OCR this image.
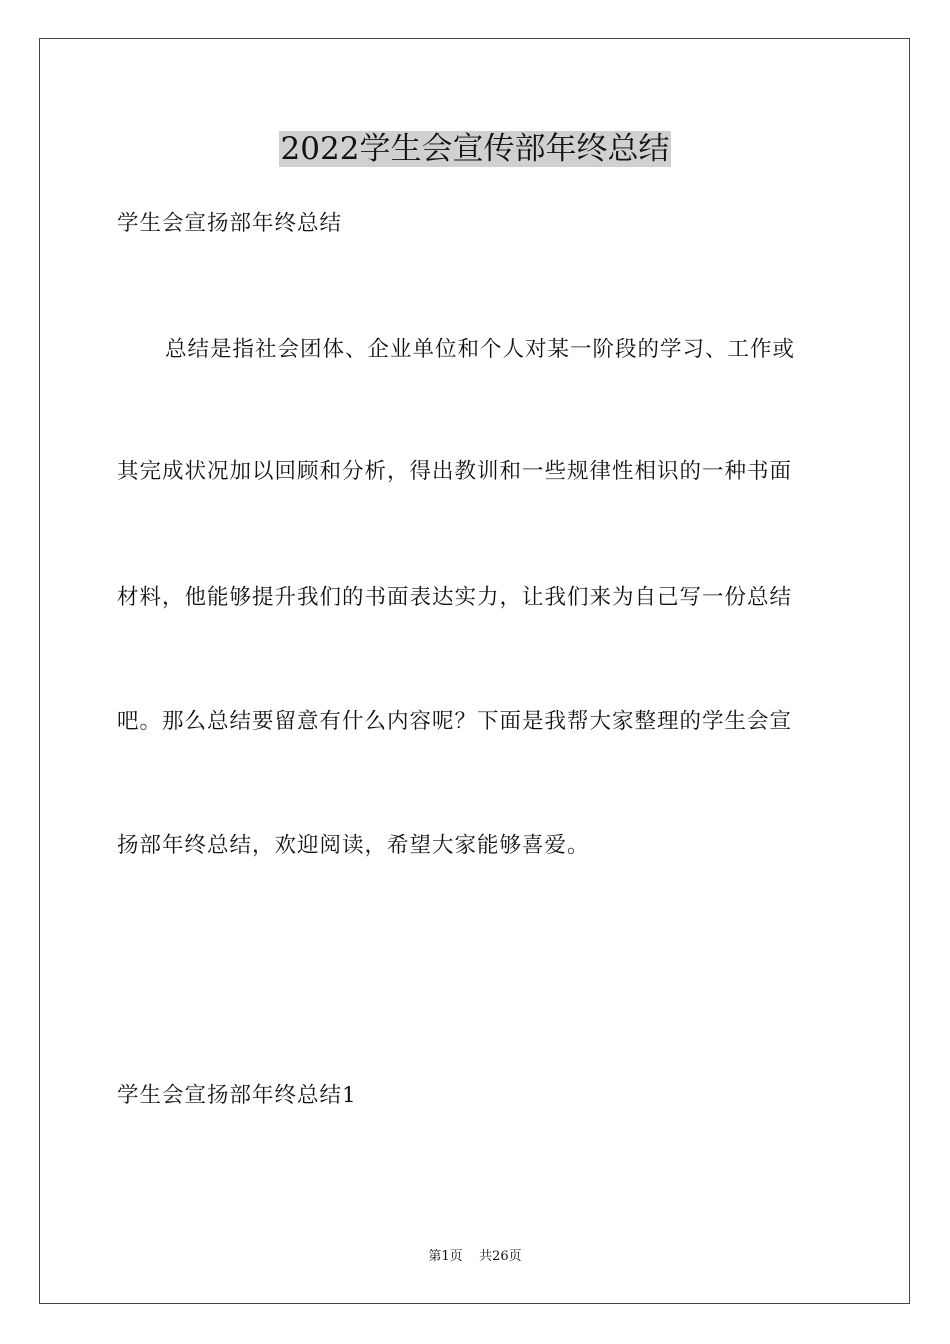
2022学生会宣传部年终总结
学生会宣扬部年终总结
总结是指社会团体、企业单位和个人对某一阶段的学习、工作或
其完成状况加以回顾和分析，得出教训和一些规律性相识的一种书面
材料，他能够提升我们的书面表达实力，让我们来为自己写一份总结
吧。那么总结要留意有什么内容呢？下面是我帮大家整理的学生会宣
扬部年终总结，欢迎阅读，希望大家能够喜爱。
学生会宣扬部年终总结1
第1页    共26页
